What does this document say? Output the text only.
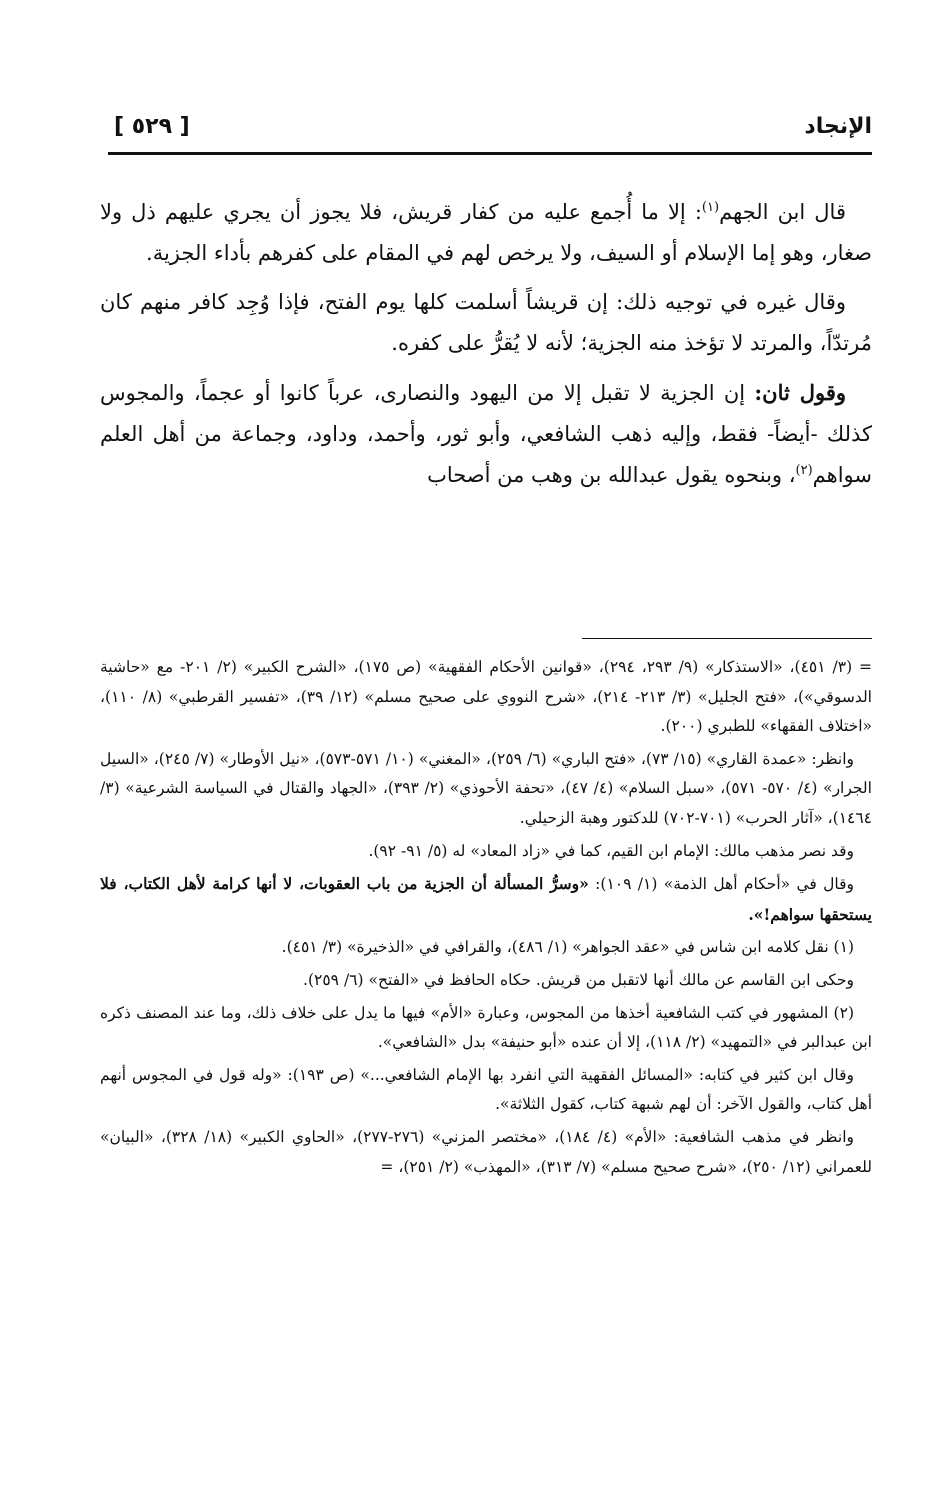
الإنجاد
[ ٥٢٩ ]

قال ابن الجهم$^{(١)}$: إلا ما أُجمع عليه من كفار قريش، فلا يجوز أن يجري عليهم ذل ولا صغار، وهو إما الإسلام أو السيف، ولا يرخص لهم في المقام على كفرهم بأداء الجزية.

وقال غيره في توجيه ذلك: إن قريشاً أسلمت كلها يوم الفتح، فإذا وُجِد كافر منهم كان مُرتدّاً، والمرتد لا تؤخذ منه الجزية؛ لأنه لا يُقرُّ على كفره.

وقول ثان: إن الجزية لا تقبل إلا من اليهود والنصارى، عرباً كانوا أو عجماً، والمجوس كذلك -أيضاً- فقط، وإليه ذهب الشافعي، وأبو ثور، وأحمد، وداود، وجماعة من أهل العلم سواهم$^{(٢)}$، وبنحوه يقول عبدالله بن وهب من أصحاب

= (٣/ ٤٥١)، «الاستذكار» (٩/ ٢٩٣، ٢٩٤)، «قوانين الأحكام الفقهية» (ص ١٧٥)، «الشرح الكبير» (٢/ ٢٠١- مع «حاشية الدسوقي»)، «فتح الجليل» (٣/ ٢١٣- ٢١٤)، «شرح النووي على صحيح مسلم» (١٢/ ٣٩)، «تفسير القرطبي» (٨/ ١١٠)، «اختلاف الفقهاء» للطبري (٢٠٠).

وانظر: «عمدة القاري» (١٥/ ٧٣)، «فتح الباري» (٦/ ٢٥٩)، «المغني» (١٠/ ٥٧١-٥٧٣)، «نيل الأوطار» (٧/ ٢٤٥)، «السيل الجرار» (٤/ ٥٧٠- ٥٧١)، «سبل السلام» (٤/ ٤٧)، «تحفة الأحوذي» (٢/ ٣٩٣)، «الجهاد والقتال في السياسة الشرعية» (٣/ ١٤٦٤)، «آثار الحرب» (٧٠١-٧٠٢) للدكتور وهبة الزحيلي.

وقد نصر مذهب مالك: الإمام ابن القيم، كما في «زاد المعاد» له (٥/ ٩١- ٩٢).

وقال في «أحكام أهل الذمة» (١/ ١٠٩): «وسرُّ المسألة أن الجزية من باب العقوبات، لا أنها كرامة لأهل الكتاب، فلا يستحقها سواهم!».

(١) نقل كلامه ابن شاس في «عقد الجواهر» (١/ ٤٨٦)، والقرافي في «الذخيرة» (٣/ ٤٥١).

وحكى ابن القاسم عن مالك أنها لاتقبل من قريش. حكاه الحافظ في «الفتح» (٦/ ٢٥٩).

(٢) المشهور في كتب الشافعية أخذها من المجوس، وعبارة «الأم» فيها ما يدل على خلاف ذلك، وما عند المصنف ذكره ابن عبدالبر في «التمهيد» (٢/ ١١٨)، إلا أن عنده «أبو حنيفة» بدل «الشافعي».

وقال ابن كثير في كتابه: «المسائل الفقهية التي انفرد بها الإمام الشافعي...» (ص ١٩٣): «وله قول في المجوس أنهم أهل كتاب، والقول الآخر: أن لهم شبهة كتاب، كقول الثلاثة».

وانظر في مذهب الشافعية: «الأم» (٤/ ١٨٤)، «مختصر المزني» (٢٧٦-٢٧٧)، «الحاوي الكبير» (١٨/ ٣٢٨)، «البيان» للعمراني (١٢/ ٢٥٠)، «شرح صحيح مسلم» (٧/ ٣١٣)، «المهذب» (٢/ ٢٥١)، =
